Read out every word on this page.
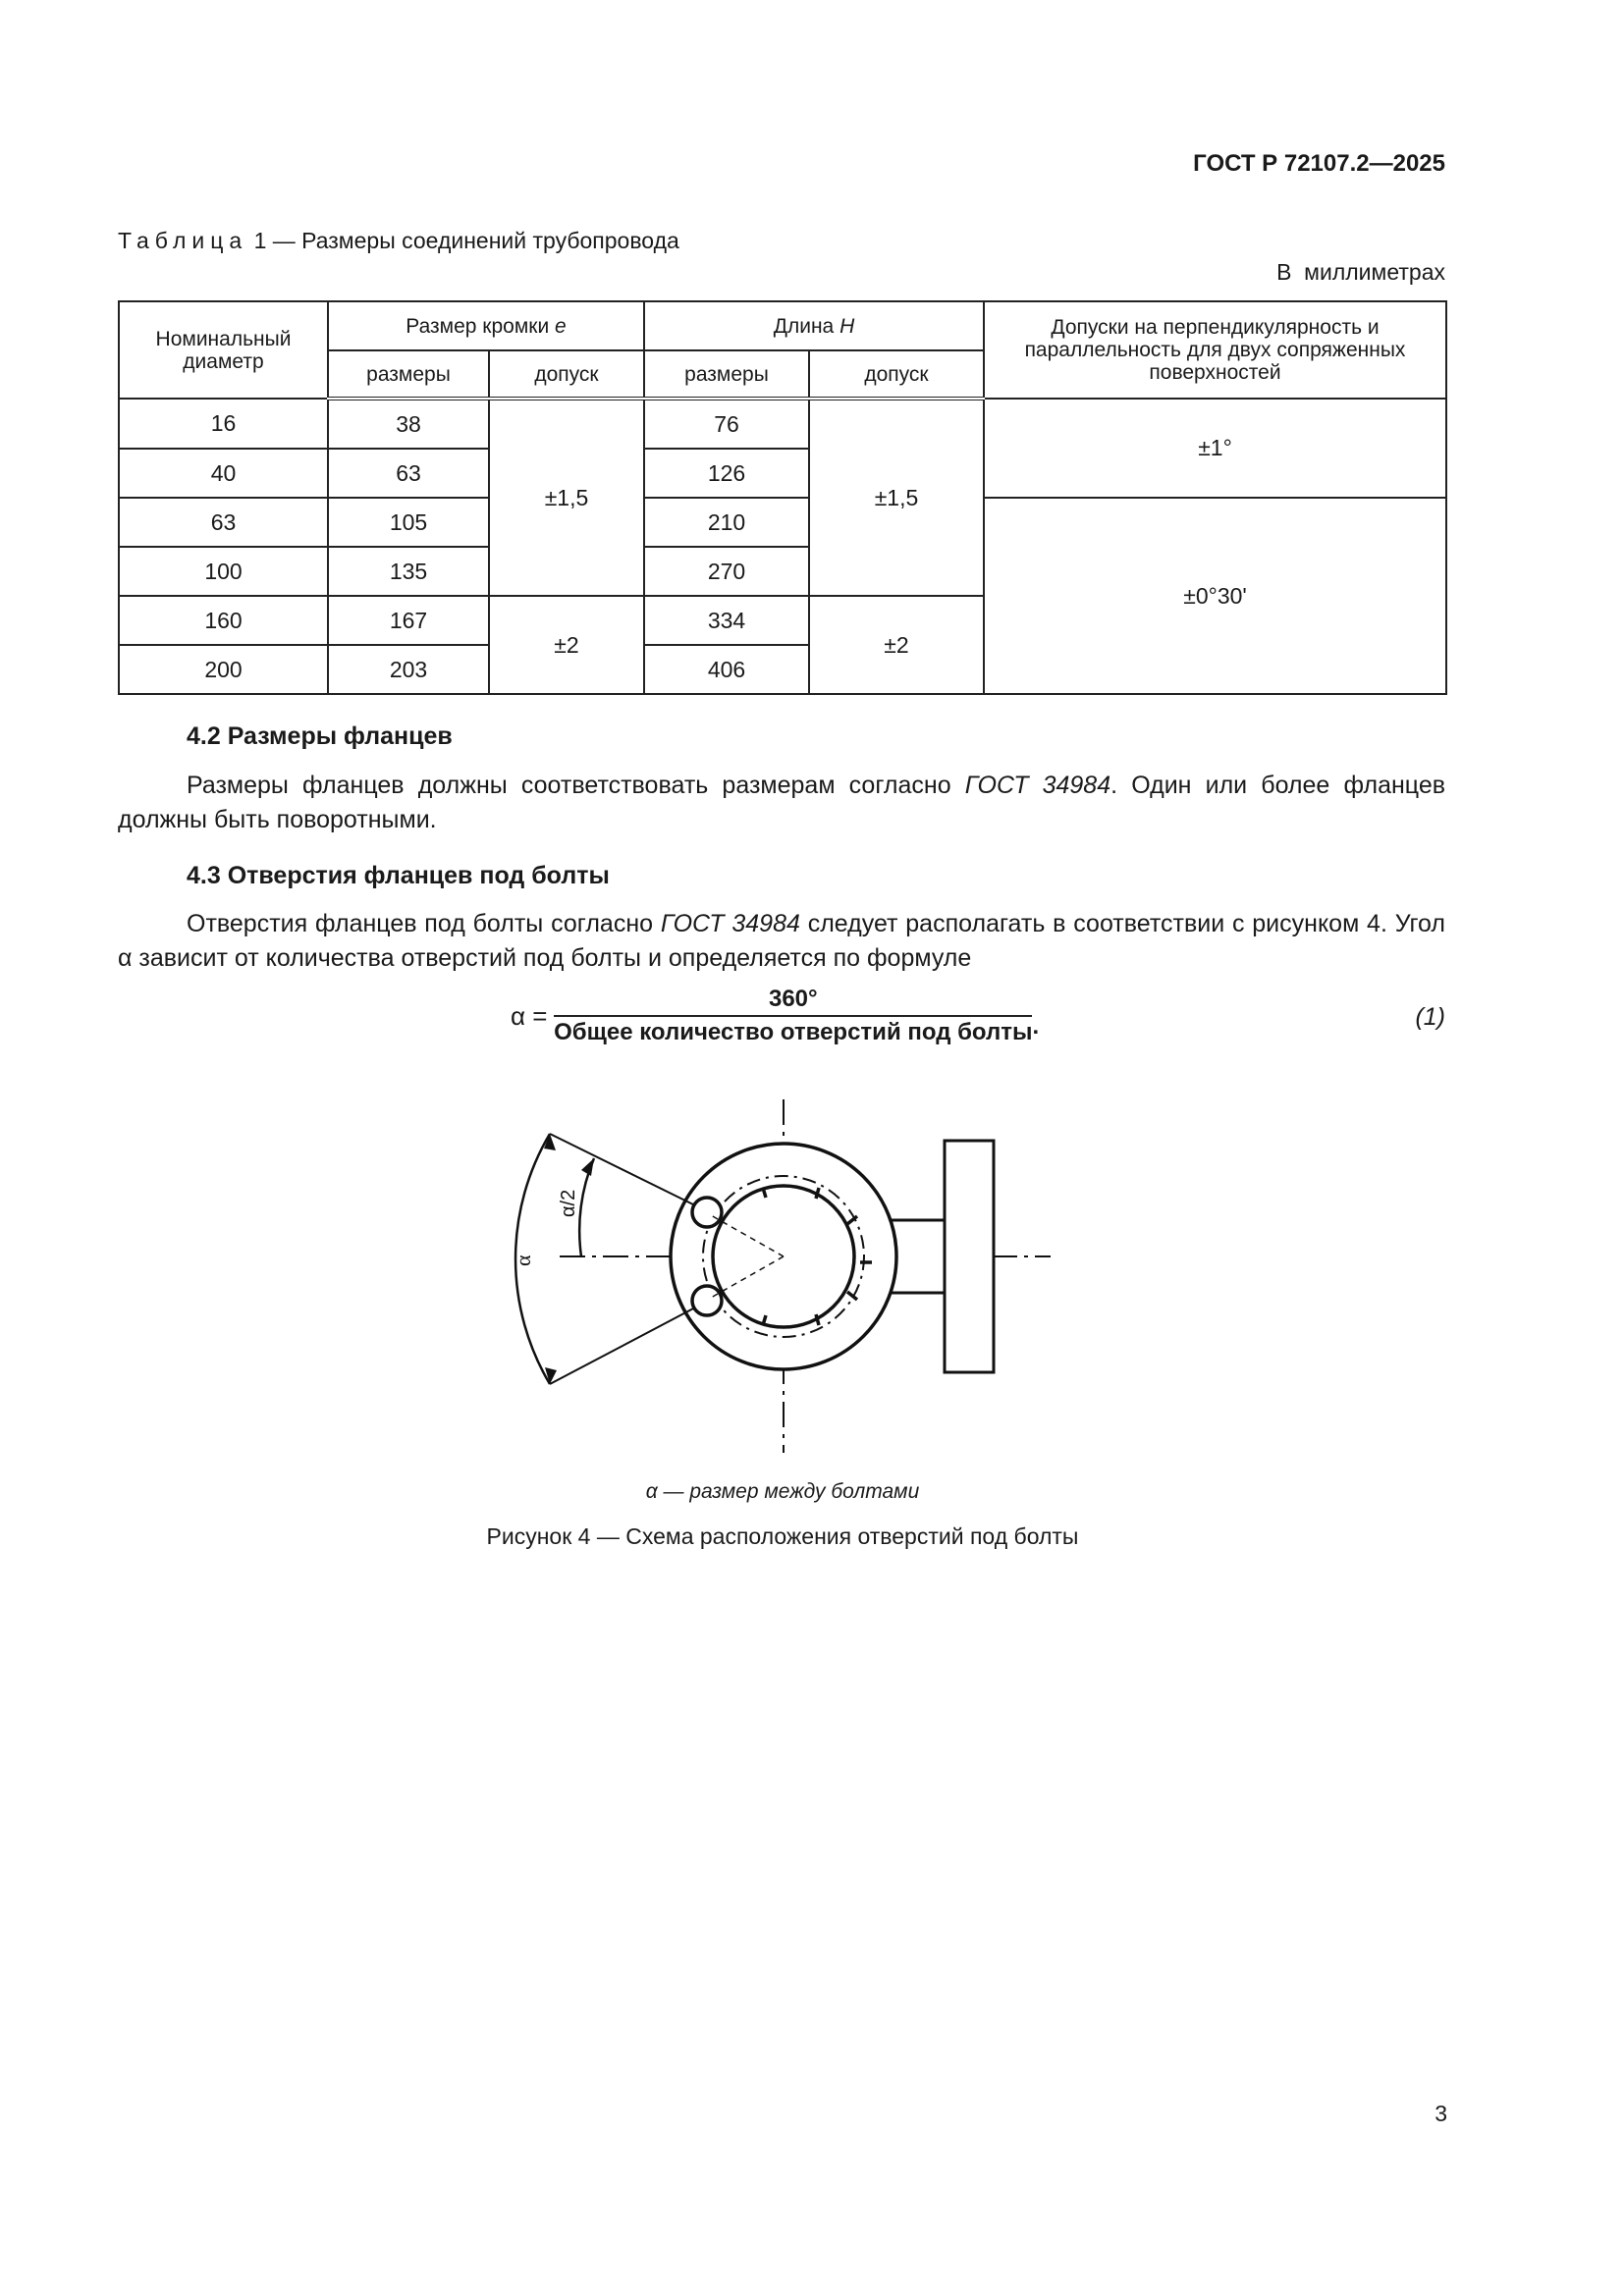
ГОСТ Р 72107.2—2025
Таблица 1 — Размеры соединений трубопровода
В  миллиметрах
Номинальный диаметр	Размер кромки e		Длина H		Допуски на перпендикулярность и параллельность для двух сопряженных поверхностей
	размеры	допуск	размеры	допуск	
16	38	±1,5	76	±1,5	±1°
40	63		126		
63	105		210		±0°30'
100	135		270		
160	167	±2	334	±2	
200	203		406		
4.2 Размеры фланцев
Размеры фланцев должны соответствовать размерам согласно ГОСТ 34984. Один или более фланцев должны быть поворотными.
4.3 Отверстия фланцев под болты
Отверстия фланцев под болты согласно ГОСТ 34984 следует располагать в соответствии с рисунком 4. Угол α зависит от количества отверстий под болты и определяется по формуле
α =
360°
Общее количество отверстий под болты .	(1)
α
α/2
α — размер между болтами
Рисунок 4 — Схема расположения отверстий под болты
3
